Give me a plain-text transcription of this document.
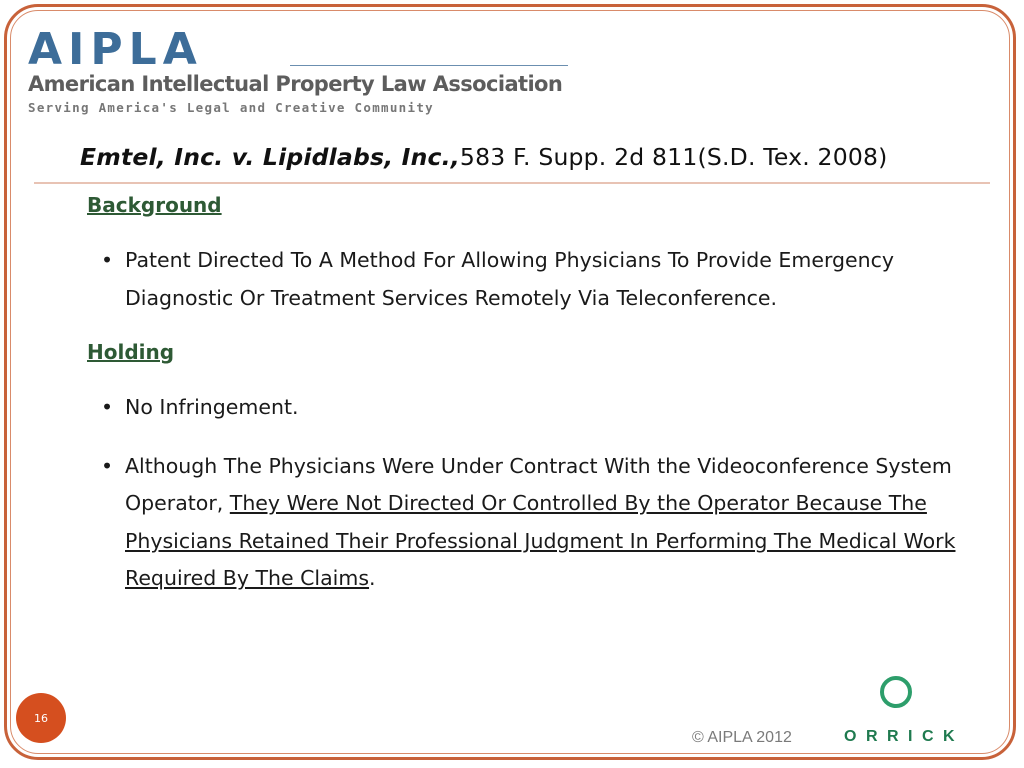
AIPLA
American Intellectual Property Law Association
Serving America's Legal and Creative Community
Emtel, Inc. v. Lipidlabs, Inc.,583 F. Supp. 2d 811(S.D. Tex. 2008)
Background
• Patent Directed To A Method For Allowing Physicians To Provide Emergency Diagnostic Or Treatment Services Remotely Via Teleconference.
Holding
• No Infringement.
• Although The Physicians Were Under Contract With the Videoconference System Operator, They Were Not Directed Or Controlled By the Operator Because The Physicians Retained Their Professional Judgment In Performing The Medical Work Required By The Claims.
16
© AIPLA 2012	ORRICK
